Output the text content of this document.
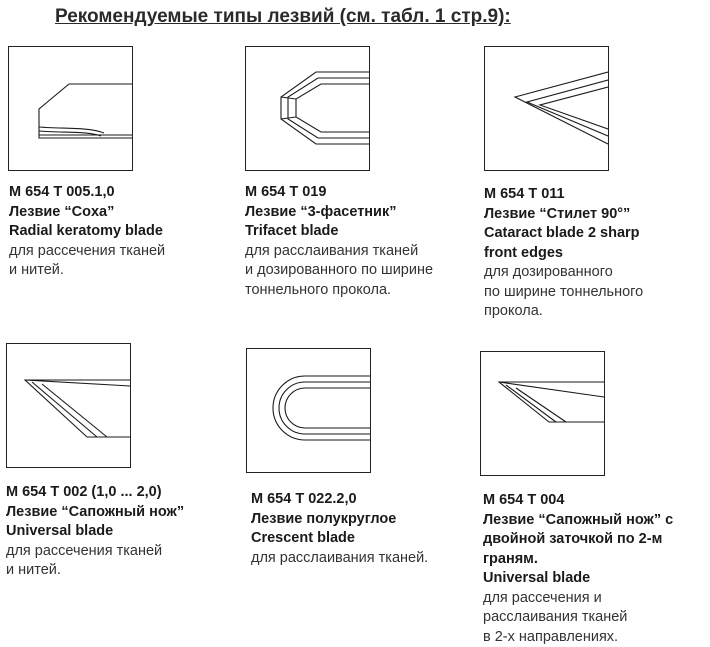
Рекомендуемые типы лезвий (см. табл. 1 стр.9):
M 654 T 005.1,0
Лезвие “Coxa”
Radial keratomy blade
для рассечения тканей
и нитей.
M 654 T 019
Лезвие “3-фасетник”
Trifacet blade
для расслаивания тканей
и дозированного по ширине
тоннельного прокола.
M 654 T 011
Лезвие “Стилет 90°”
Cataract blade 2 sharp
front edges
для дозированного
по ширине тоннельного
прокола.
M 654 T 002 (1,0 ... 2,0)
Лезвие “Сапожный нож”
Universal blade
для рассечения тканей
и нитей.
M 654 T 022.2,0
Лезвие полукруглое
Crescent blade
для расслаивания тканей.
M 654 T 004
Лезвие “Сапожный нож” с
двойной заточкой по 2-м
граням.
Universal blade
для рассечения и
расслаивания тканей
в 2-х направлениях.
